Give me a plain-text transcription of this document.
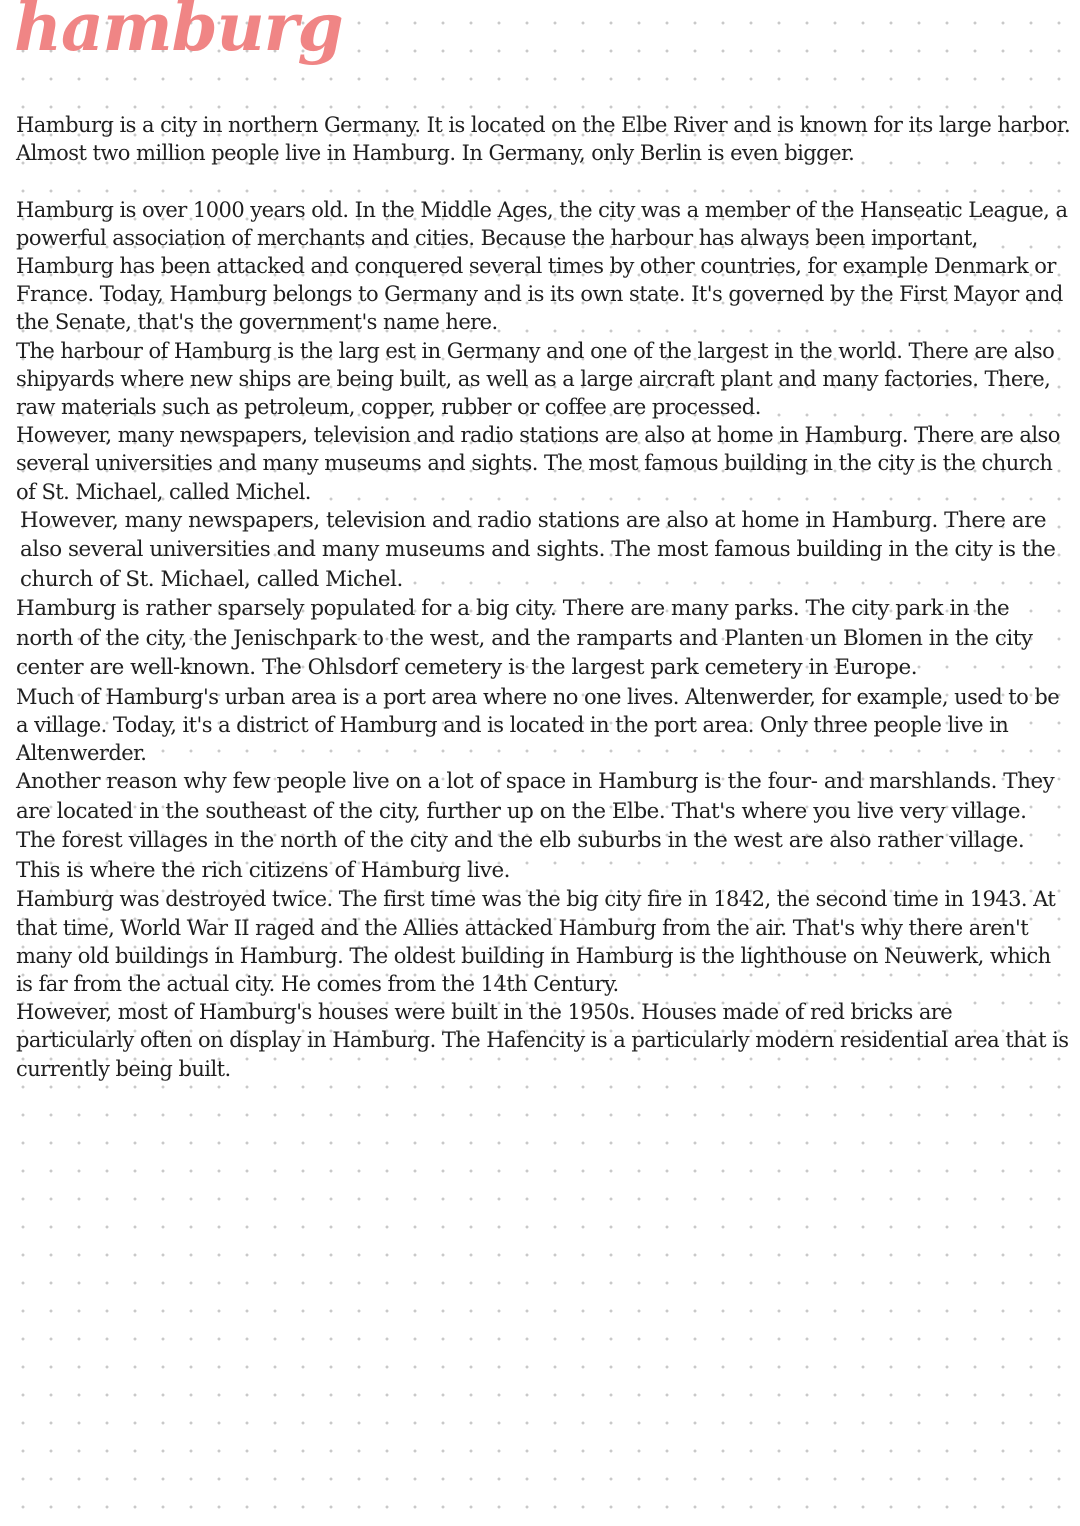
hamburg

Hamburg is a city in northern Germany. It is located on the Elbe River and is known for its large harbor. Almost two million people live in Hamburg. In Germany, only Berlin is even bigger.

Hamburg is over 1000 years old. In the Middle Ages, the city was a member of the Hanseatic League, a powerful association of merchants and cities. Because the harbour has always been important, Hamburg has been attacked and conquered several times by other countries, for example Denmark or France. Today, Hamburg belongs to Germany and is its own state. It's governed by the First Mayor and the Senate, that's the government's name here.

The harbour of Hamburg is the larg est in Germany and one of the largest in the world. There are also shipyards where new ships are being built, as well as a large aircraft plant and many factories. There, raw materials such as petroleum, copper, rubber or coffee are processed.

However, many newspapers, television and radio stations are also at home in Hamburg. There are also several universities and many museums and sights. The most famous building in the city is the church of St. Michael, called Michel.

However, many newspapers, television and radio stations are also at home in Hamburg. There are also several universities and many museums and sights. The most famous building in the city is the church of St. Michael, called Michel.

Hamburg is rather sparsely populated for a big city. There are many parks. The city park in the north of the city, the Jenischpark to the west, and the ramparts and Planten un Blomen in the city center are well-known. The Ohlsdorf cemetery is the largest park cemetery in Europe.

Much of Hamburg's urban area is a port area where no one lives. Altenwerder, for example, used to be a village. Today, it's a district of Hamburg and is located in the port area. Only three people live in Altenwerder.

Another reason why few people live on a lot of space in Hamburg is the four- and marshlands. They are located in the southeast of the city, further up on the Elbe. That's where you live very village. The forest villages in the north of the city and the elb suburbs in the west are also rather village. This is where the rich citizens of Hamburg live.

Hamburg was destroyed twice. The first time was the big city fire in 1842, the second time in 1943. At that time, World War II raged and the Allies attacked Hamburg from the air. That's why there aren't many old buildings in Hamburg. The oldest building in Hamburg is the lighthouse on Neuwerk, which is far from the actual city. He comes from the 14th Century.

However, most of Hamburg's houses were built in the 1950s. Houses made of red bricks are particularly often on display in Hamburg. The Hafencity is a particularly modern residential area that is currently being built.
